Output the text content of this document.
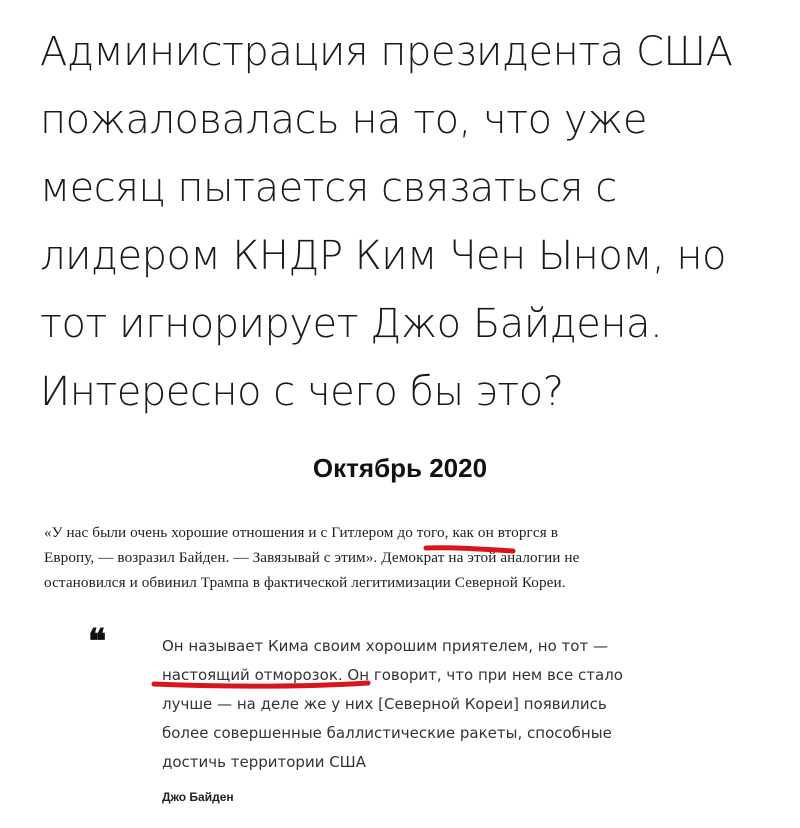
Администрация президента США
пожаловалась на то, что уже
месяц пытается связаться с
лидером КНДР Ким Чен Ыном, но
тот игнорирует Джо Байдена.
Интересно с чего бы это?
Октябрь 2020

«У нас были очень хорошие отношения и с Гитлером до того, как он вторгся в
Европу, — возразил Байден. — Завязывай с этим». Демократ на этой аналогии не
остановился и обвинил Трампа в фактической легитимизации Северной Кореи.

❝	Он называет Кима своим хорошим приятелем, но тот —
настоящий отморозок. Он говорит, что при нем все стало
лучше — на деле же у них [Северной Кореи] появились
более совершенные баллистические ракеты, способные
достичь территории США

Джо Байден
